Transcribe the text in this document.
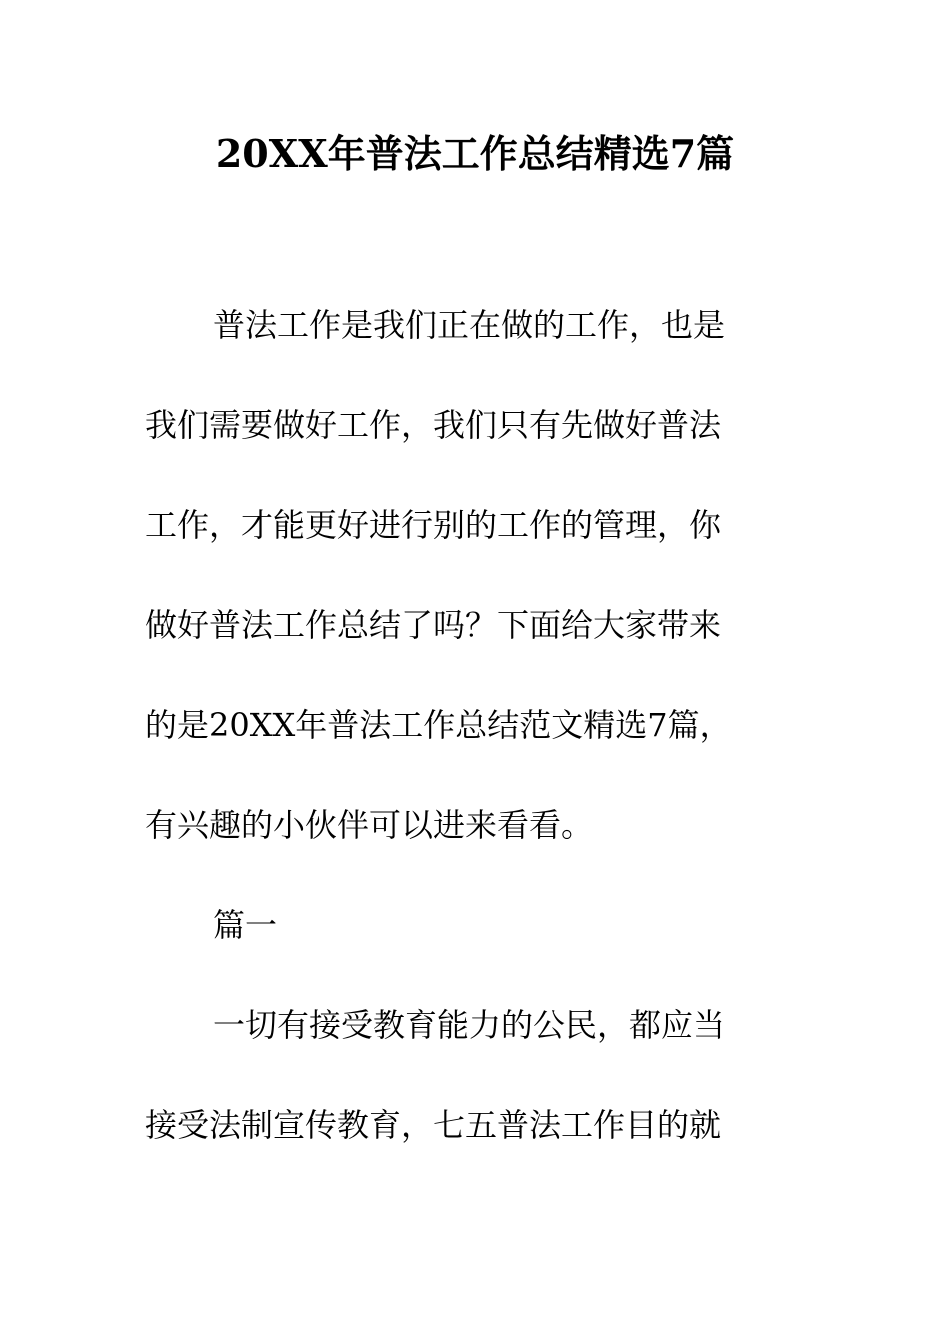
20XX年普法工作总结精选7篇
普法工作是我们正在做的工作，也是
我们需要做好工作，我们只有先做好普法
工作，才能更好进行别的工作的管理，你
做好普法工作总结了吗？下面给大家带来
的是20XX年普法工作总结范文精选7篇，
有兴趣的小伙伴可以进来看看。
篇一
一切有接受教育能力的公民，都应当
接受法制宣传教育，七五普法工作目的就
